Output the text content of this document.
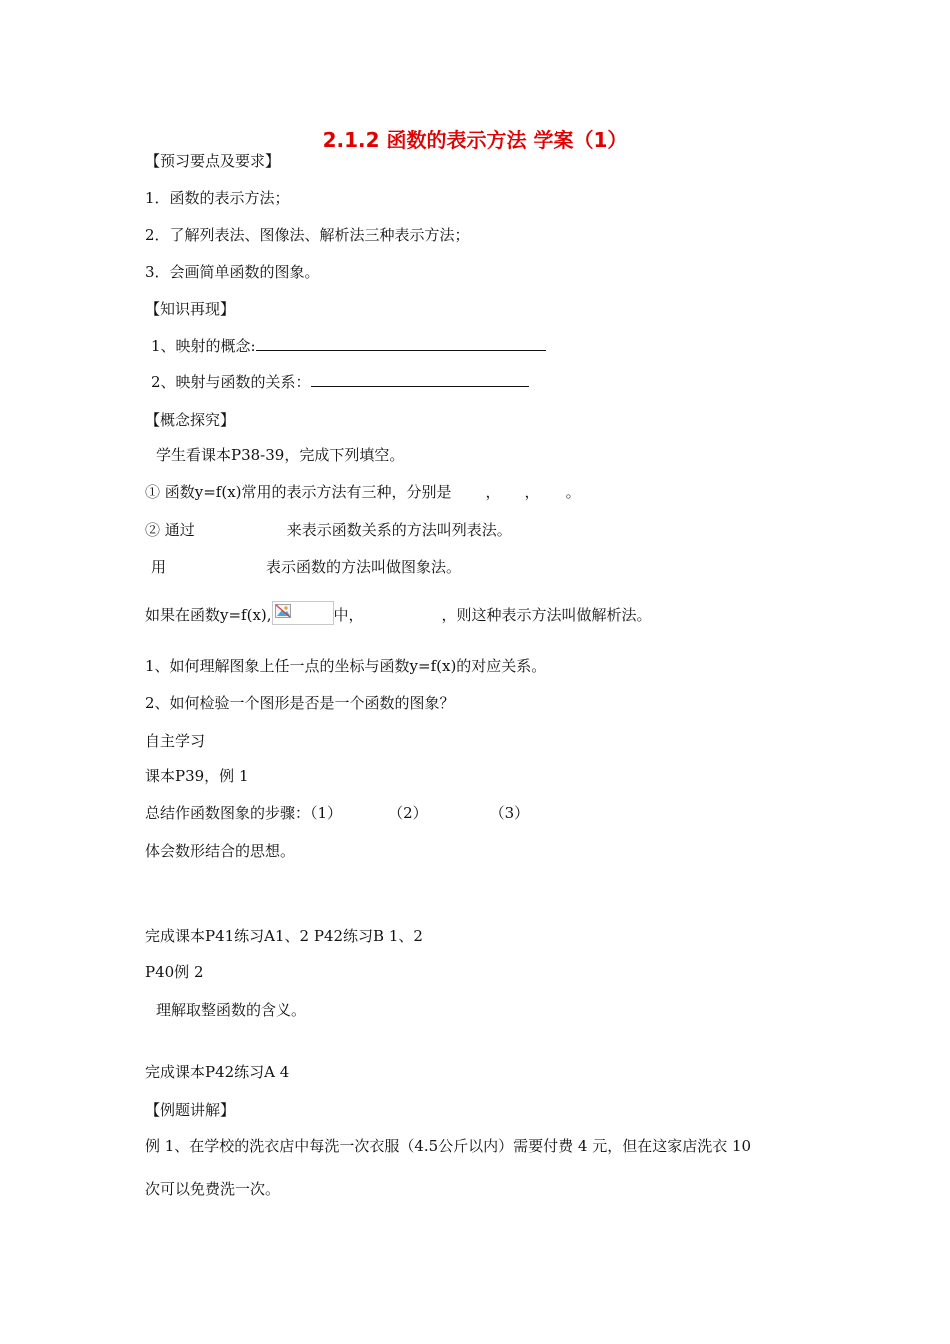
2.1.2 函数的表示方法 学案（1）
【预习要点及要求】
1．函数的表示方法；
2．了解列表法、图像法、解析法三种表示方法；
3．会画简单函数的图象。
【知识再现】
1、映射的概念:
2、映射与函数的关系：
【概念探究】
学生看课本P38-39，完成下列填空。
① 函数y=f(x)常用的表示方法有三种，分别是 ， ， 。
② 通过	来表示函数关系的方法叫列表法。
用	表示函数的方法叫做图象法。
如果在函数y=f(x),	中，	，则这种表示方法叫做解析法。
1、如何理解图象上任一点的坐标与函数y=f(x)的对应关系。
2、如何检验一个图形是否是一个函数的图象？
自主学习
课本P39，例 1
总结作函数图象的步骤：（1）	（2）	（3）
体会数形结合的思想。
完成课本P41练习A1、2 P42练习B 1、2
P40例 2
理解取整函数的含义。
完成课本P42练习A 4
【例题讲解】
例 1、在学校的洗衣店中每洗一次衣服（4.5公斤以内）需要付费 4 元，但在这家店洗衣 10
次可以免费洗一次。
